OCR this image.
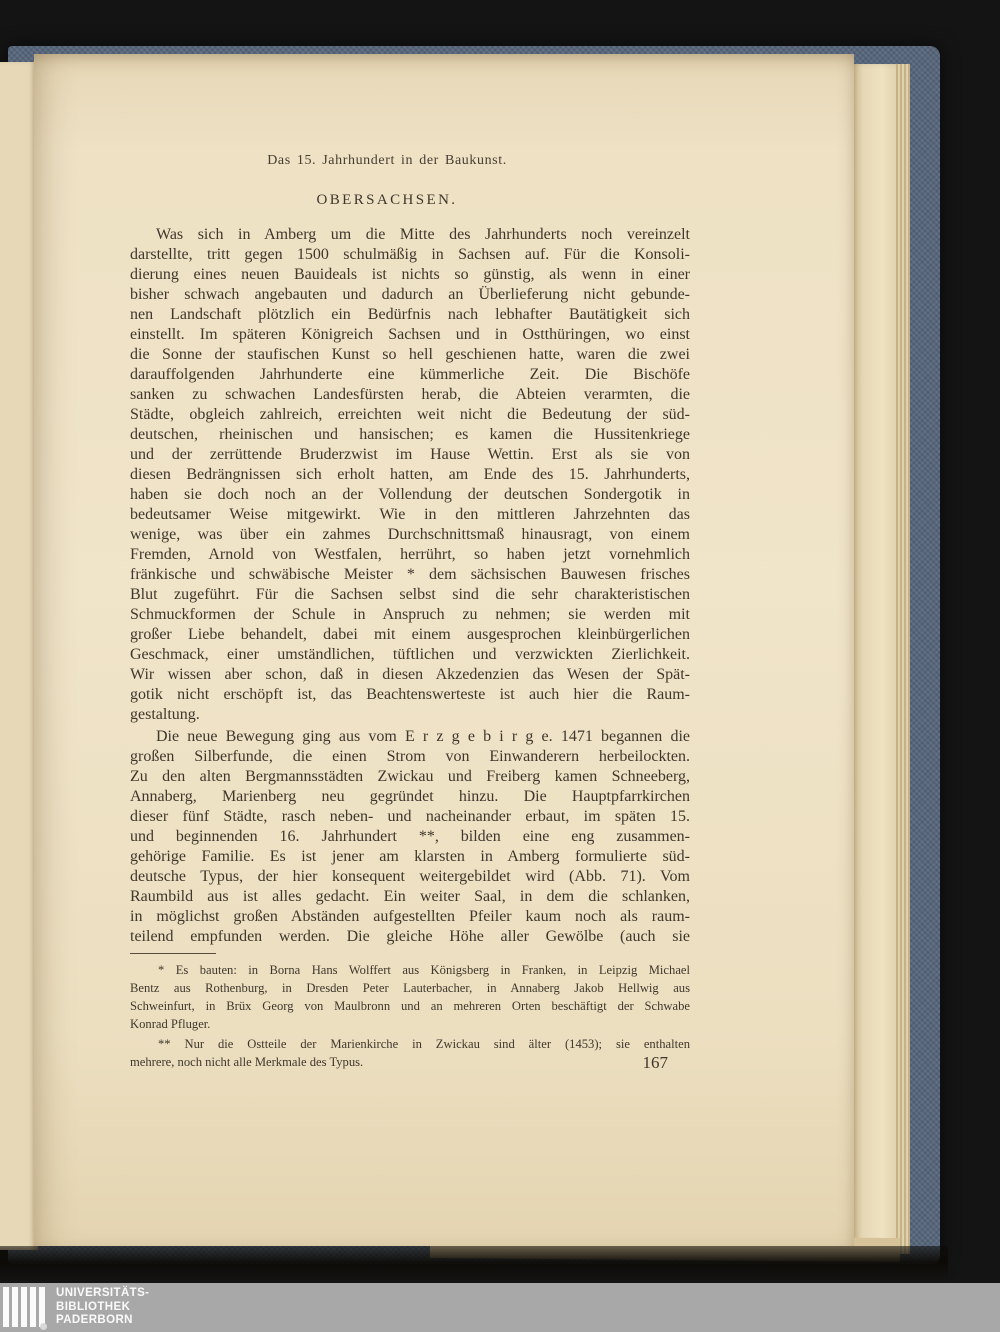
Das 15. Jahrhundert in der Baukunst.
OBERSACHSEN.
Was sich in Amberg um die Mitte des Jahrhunderts noch vereinzelt
darstellte, tritt gegen 1500 schulmäßig in Sachsen auf. Für die Konsoli-
dierung eines neuen Bauideals ist nichts so günstig, als wenn in einer
bisher schwach angebauten und dadurch an Überlieferung nicht gebunde-
nen Landschaft plötzlich ein Bedürfnis nach lebhafter Bautätigkeit sich
einstellt. Im späteren Königreich Sachsen und in Ostthüringen, wo einst
die Sonne der staufischen Kunst so hell geschienen hatte, waren die zwei
darauffolgenden Jahrhunderte eine kümmerliche Zeit. Die Bischöfe
sanken zu schwachen Landesfürsten herab, die Abteien verarmten, die
Städte, obgleich zahlreich, erreichten weit nicht die Bedeutung der süd-
deutschen, rheinischen und hansischen; es kamen die Hussitenkriege
und der zerrüttende Bruderzwist im Hause Wettin. Erst als sie von
diesen Bedrängnissen sich erholt hatten, am Ende des 15. Jahrhunderts,
haben sie doch noch an der Vollendung der deutschen Sondergotik in
bedeutsamer Weise mitgewirkt. Wie in den mittleren Jahrzehnten das
wenige, was über ein zahmes Durchschnittsmaß hinausragt, von einem
Fremden, Arnold von Westfalen, herrührt, so haben jetzt vornehmlich
fränkische und schwäbische Meister * dem sächsischen Bauwesen frisches
Blut zugeführt. Für die Sachsen selbst sind die sehr charakteristischen
Schmuckformen der Schule in Anspruch zu nehmen; sie werden mit
großer Liebe behandelt, dabei mit einem ausgesprochen kleinbürgerlichen
Geschmack, einer umständlichen, tüftlichen und verzwickten Zierlichkeit.
Wir wissen aber schon, daß in diesen Akzedenzien das Wesen der Spät-
gotik nicht erschöpft ist, das Beachtenswerteste ist auch hier die Raum-
gestaltung.
Die neue Bewegung ging aus vom E r z g e b i r g e. 1471 begannen die
großen Silberfunde, die einen Strom von Einwanderern herbeilockten.
Zu den alten Bergmannsstädten Zwickau und Freiberg kamen Schneeberg,
Annaberg, Marienberg neu gegründet hinzu. Die Hauptpfarrkirchen
dieser fünf Städte, rasch neben- und nacheinander erbaut, im späten 15.
und beginnenden 16. Jahrhundert **, bilden eine eng zusammen-
gehörige Familie. Es ist jener am klarsten in Amberg formulierte süd-
deutsche Typus, der hier konsequent weitergebildet wird (Abb. 71). Vom
Raumbild aus ist alles gedacht. Ein weiter Saal, in dem die schlanken,
in möglichst großen Abständen aufgestellten Pfeiler kaum noch als raum-
teilend empfunden werden. Die gleiche Höhe aller Gewölbe (auch sie
* Es bauten: in Borna Hans Wolffert aus Königsberg in Franken, in Leipzig Michael
Bentz aus Rothenburg, in Dresden Peter Lauterbacher, in Annaberg Jakob Hellwig aus
Schweinfurt, in Brüx Georg von Maulbronn und an mehreren Orten beschäftigt der Schwabe
Konrad Pfluger.
** Nur die Ostteile der Marienkirche in Zwickau sind älter (1453); sie enthalten
mehrere, noch nicht alle Merkmale des Typus.	167
UNIVERSITÄTS-
BIBLIOTHEK
PADERBORN
